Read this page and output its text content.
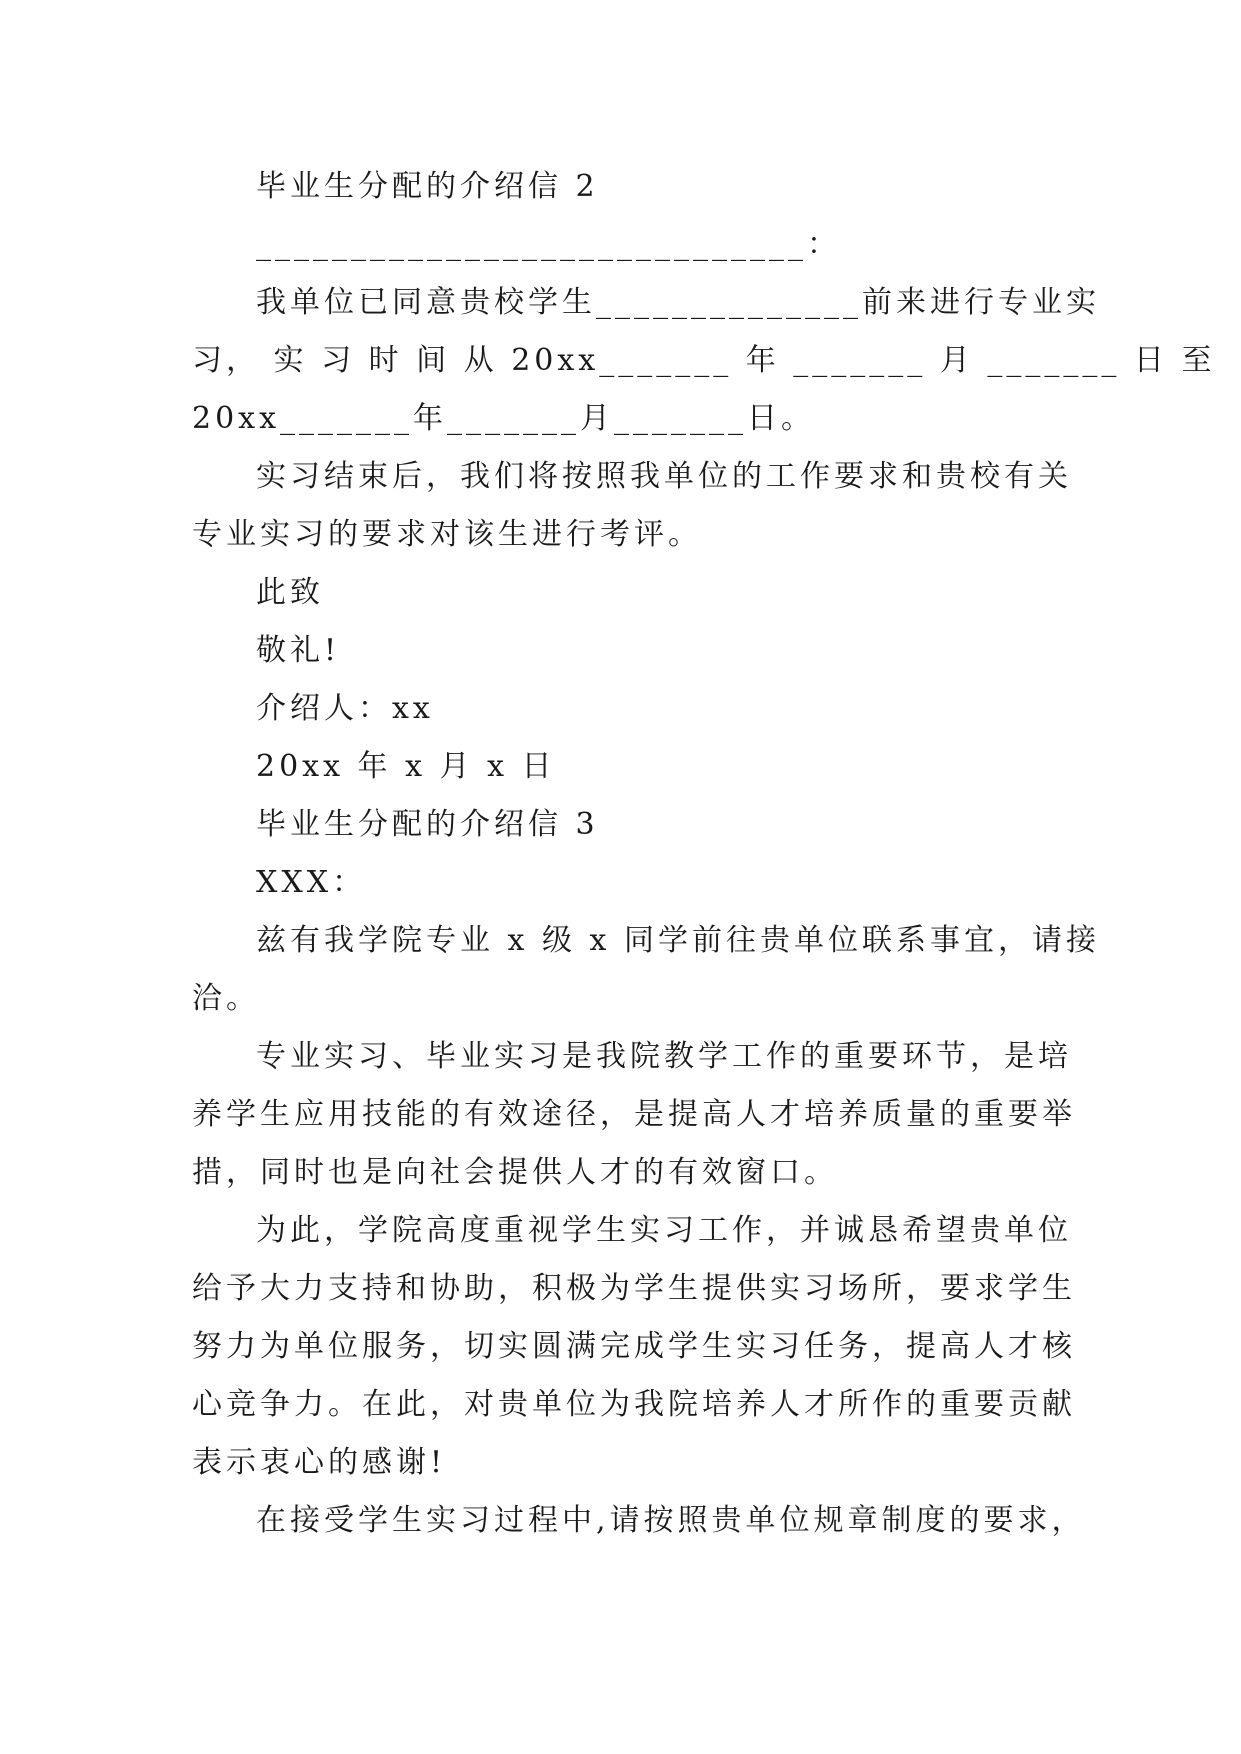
毕业生分配的介绍信 2
_____________________________：
我单位已同意贵校学生______________前来进行专业实
习， 实 习 时 间 从 20xx_______ 年 _______ 月 _______ 日 至
20xx_______年_______月_______日。
实习结束后，我们将按照我单位的工作要求和贵校有关
专业实习的要求对该生进行考评。
此致
敬礼!
介绍人：xx
20xx 年 x 月 x 日
毕业生分配的介绍信 3
XXX：
兹有我学院专业 x 级 x 同学前往贵单位联系事宜，请接
洽。
专业实习、毕业实习是我院教学工作的重要环节，是培
养学生应用技能的有效途径，是提高人才培养质量的重要举
措，同时也是向社会提供人才的有效窗口。
为此，学院高度重视学生实习工作，并诚恳希望贵单位
给予大力支持和协助，积极为学生提供实习场所，要求学生
努力为单位服务，切实圆满完成学生实习任务，提高人才核
心竞争力。在此，对贵单位为我院培养人才所作的重要贡献
表示衷心的感谢!
在接受学生实习过程中,请按照贵单位规章制度的要求，
